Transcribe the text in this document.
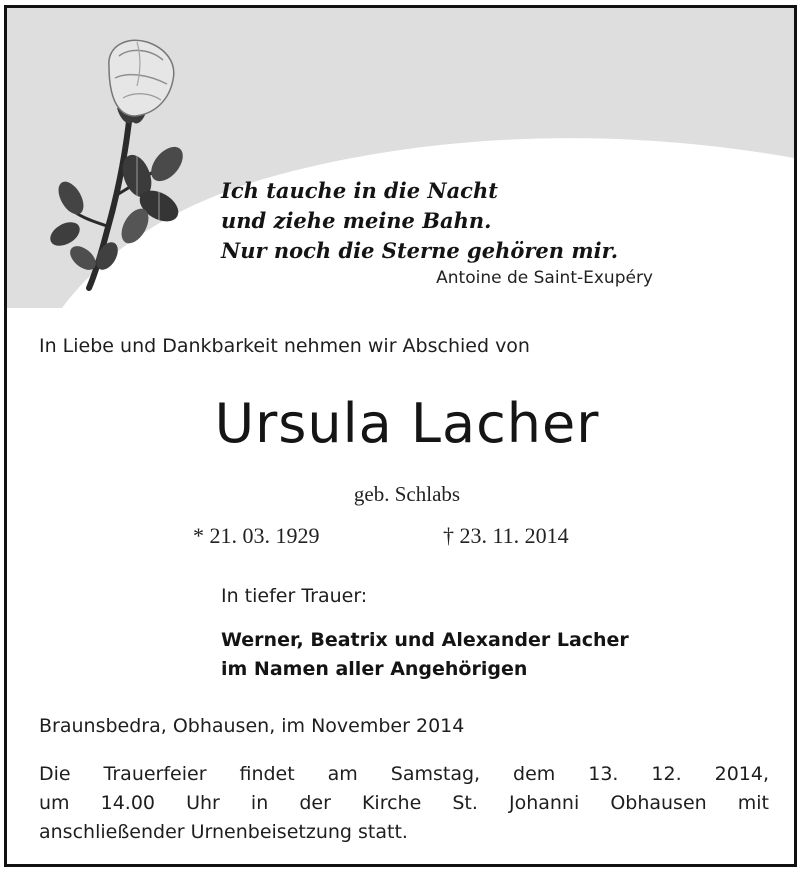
Ich tauche in die Nacht
und ziehe meine Bahn.
Nur noch die Sterne gehören mir.
Antoine de Saint-Exupéry
In Liebe und Dankbarkeit nehmen wir Abschied von
Ursula Lacher
geb. Schlabs
* 21. 03. 1929	† 23. 11. 2014
In tiefer Trauer:
Werner, Beatrix und Alexander Lacher
im Namen aller Angehörigen
Braunsbedra, Obhausen, im November 2014
Die Trauerfeier findet am Samstag, dem 13. 12. 2014,
um 14.00 Uhr in der Kirche St. Johanni Obhausen mit
anschließender Urnenbeisetzung statt.
